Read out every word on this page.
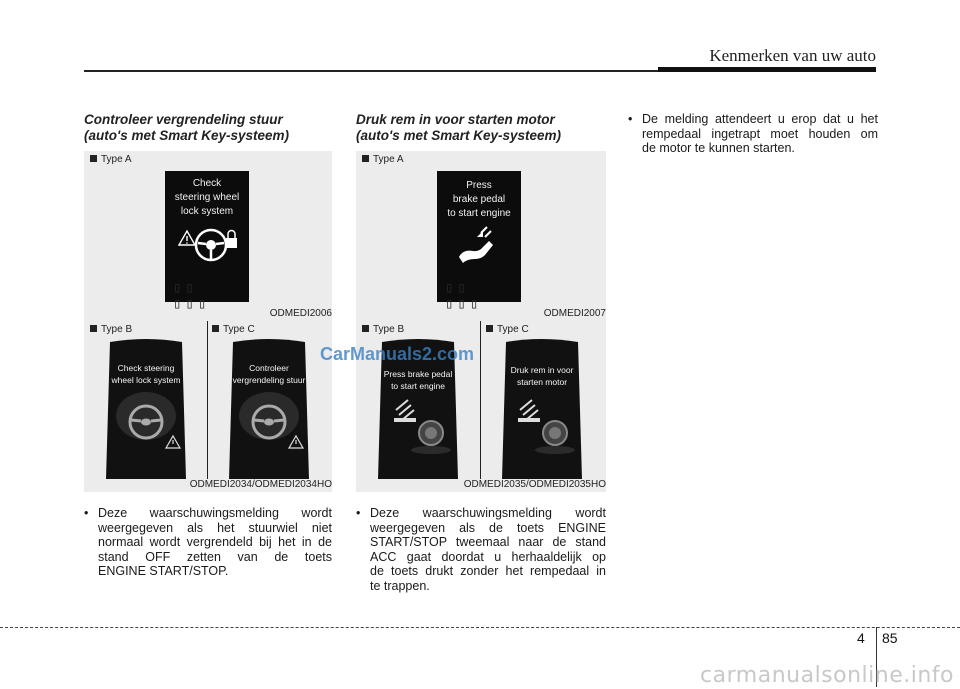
Kenmerken van uw auto
Controleer vergrendeling stuur
(auto's met Smart Key-systeem)
Type A
Check
steering wheel
lock system
▯▯ ▯▯▯
ODMEDI2006
Type B	Type C
Check steering
wheel lock system
Controleer
vergrendeling stuur
ODMEDI2034/ODMEDI2034HO
• Deze waarschuwingsmelding wordt
weergegeven als het stuurwiel niet
normaal wordt vergrendeld bij het in de
stand OFF zetten van de toets
ENGINE START/STOP.
Druk rem in voor starten motor
(auto's met Smart Key-systeem)
Type A
Press
brake pedal
to start engine
▯▯ ▯▯▯
ODMEDI2007
Type B	Type C
Press brake pedal
to start engine
Druk rem in voor
starten motor
ODMEDI2035/ODMEDI2035HO
• Deze waarschuwingsmelding wordt
weergegeven als de toets ENGINE
START/STOP tweemaal naar de stand
ACC gaat doordat u herhaaldelijk op
de toets drukt zonder het rempedaal in
te trappen.
• De melding attendeert u erop dat u het
rempedaal ingetrapt moet houden om
de motor te kunnen starten.
CarManuals2.com
4 85
carmanualsonline.info
